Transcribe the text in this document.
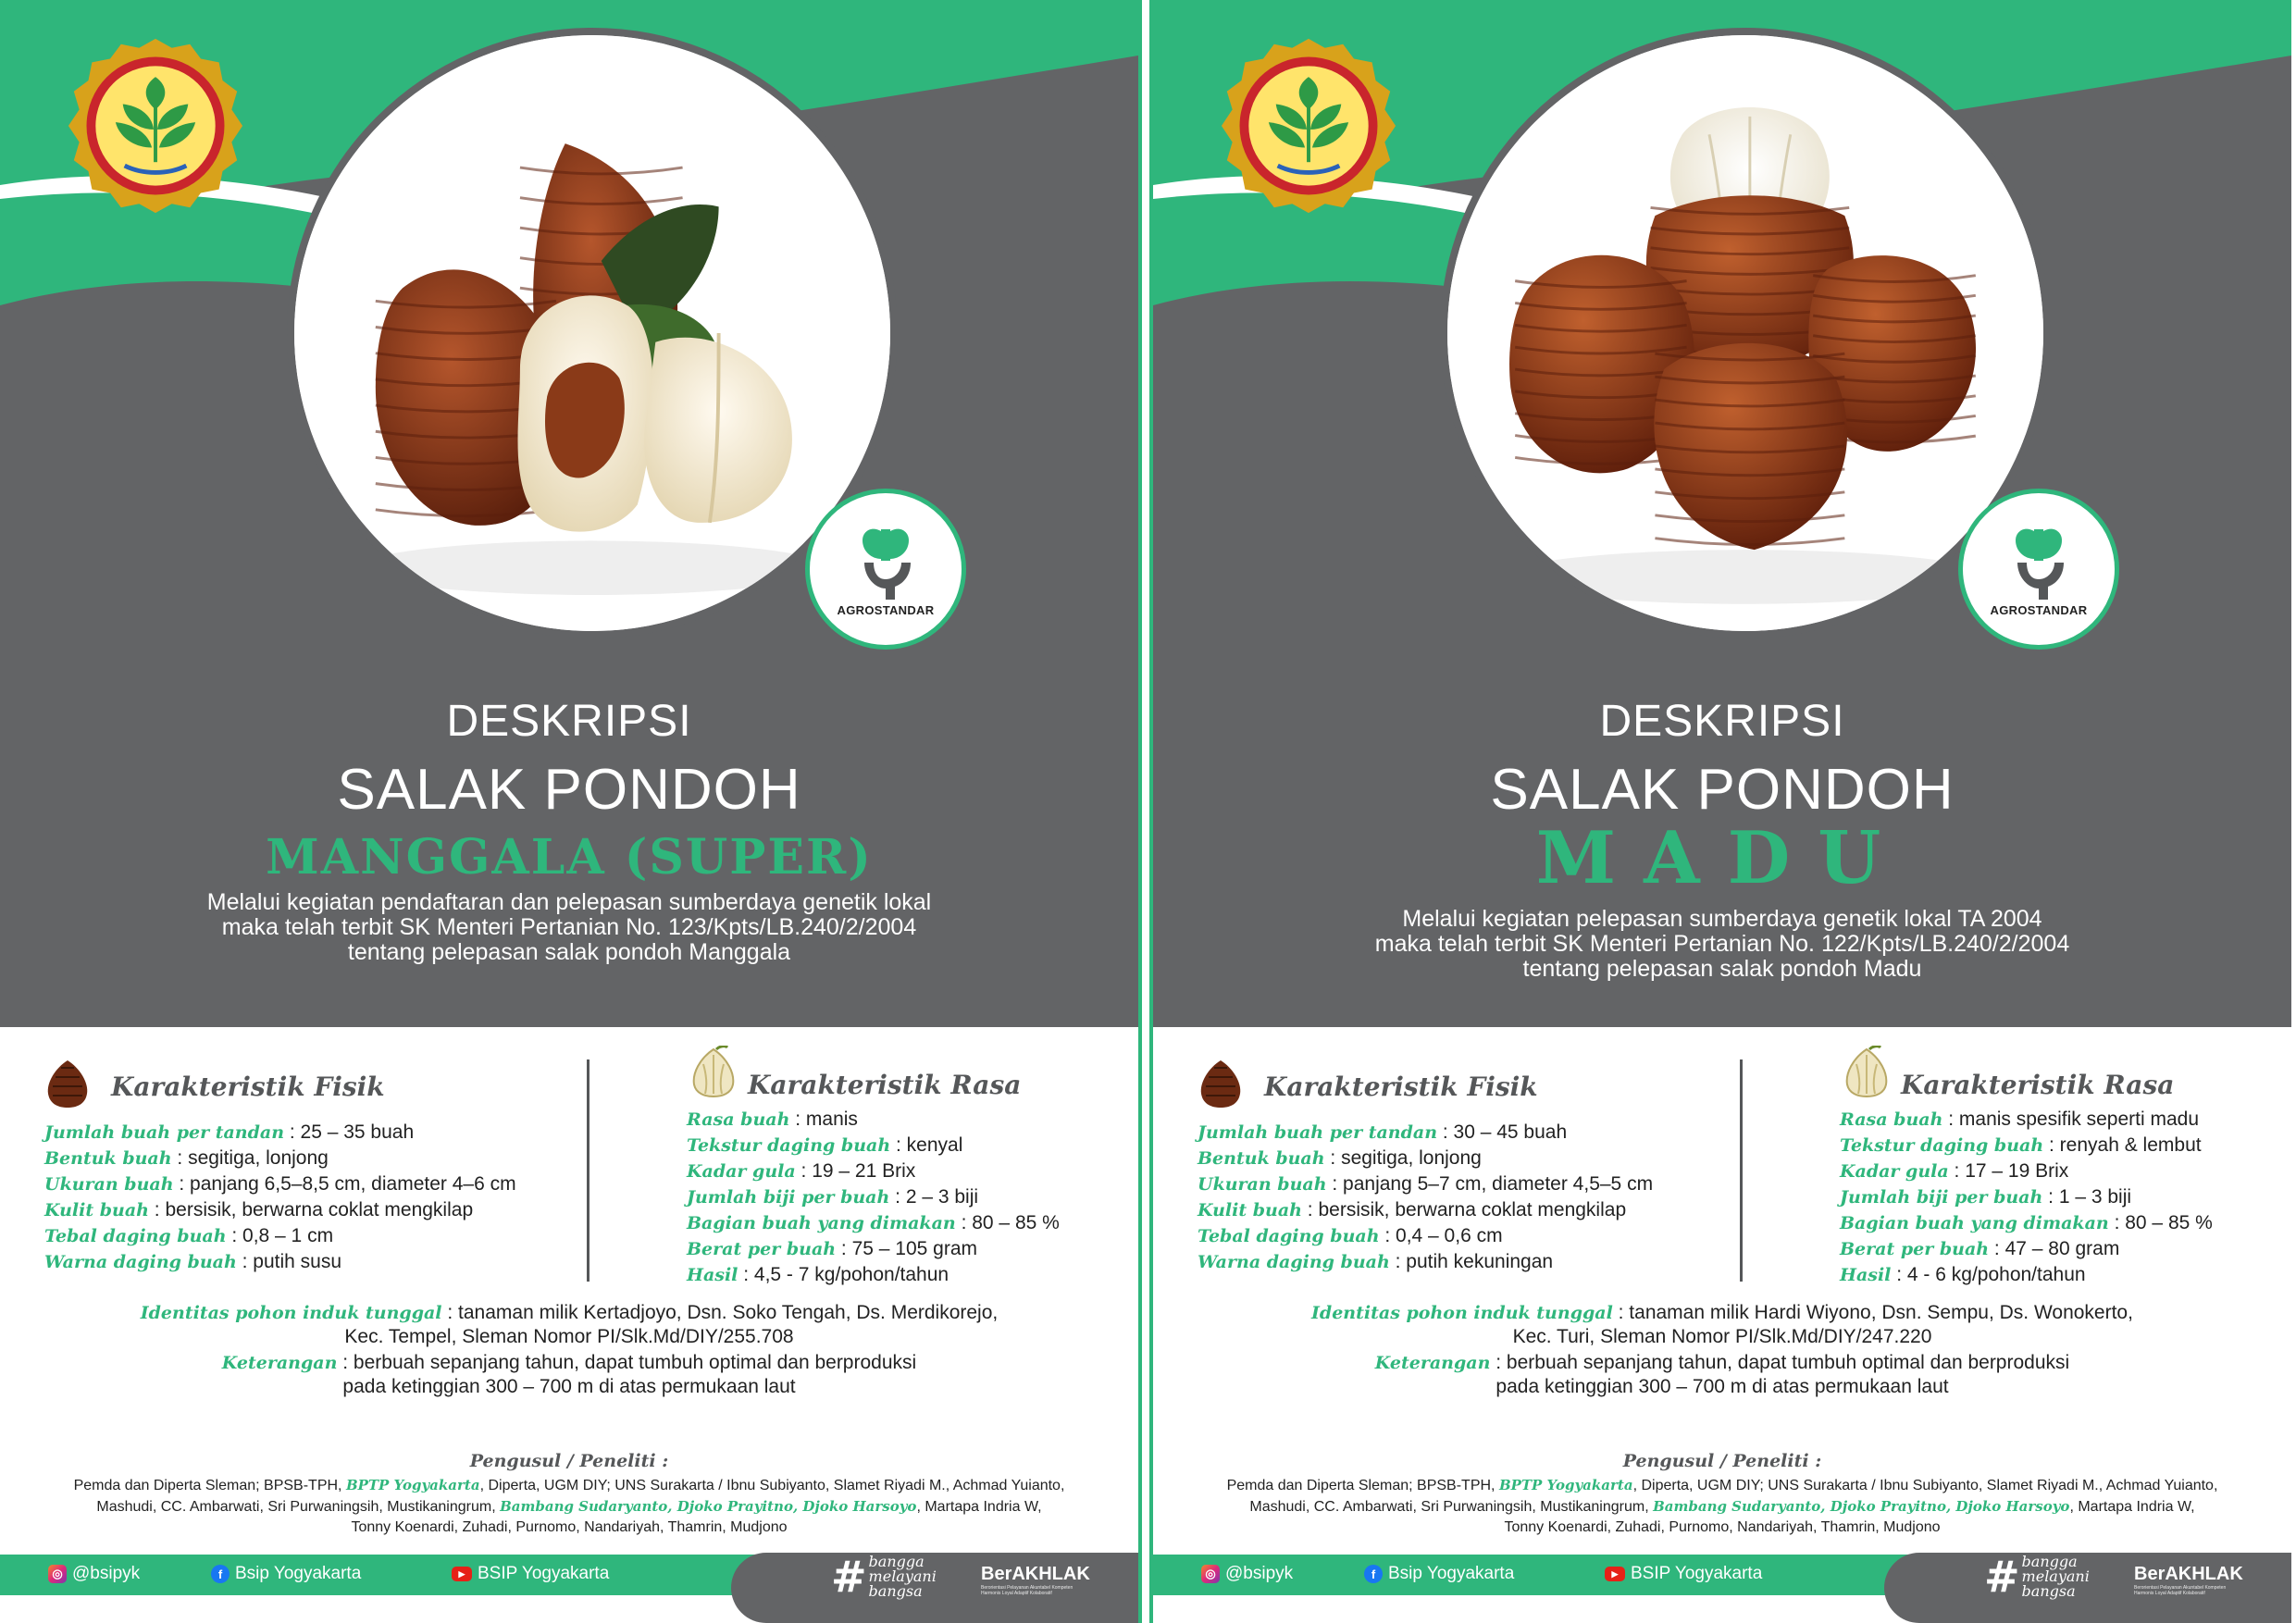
AGROSTANDAR
DESKRIPSI
SALAK PONDOH
MANGGALA (SUPER)
Melalui kegiatan pendaftaran dan pelepasan sumberdaya genetik lokal
maka telah terbit SK Menteri Pertanian No. 123/Kpts/LB.240/2/2004
tentang pelepasan salak pondoh Manggala
Karakteristik Fisik	Karakteristik Rasa
Jumlah buah per tandan : 25 – 35 buah
Bentuk buah : segitiga, lonjong
Ukuran buah : panjang 6,5–8,5 cm, diameter 4–6 cm
Kulit buah : bersisik, berwarna coklat mengkilap
Tebal daging buah : 0,8 – 1 cm
Warna daging buah : putih susu
Rasa buah : manis
Tekstur daging buah : kenyal
Kadar gula : 19 – 21 Brix
Jumlah biji per buah : 2 – 3 biji
Bagian buah yang dimakan : 80 – 85 %
Berat per buah : 75 – 105 gram
Hasil : 4,5 - 7 kg/pohon/tahun
Identitas pohon induk tunggal : tanaman milik Kertadjoyo, Dsn. Soko Tengah, Ds. Merdikorejo,
Kec. Tempel, Sleman Nomor PI/Slk.Md/DIY/255.708
Keterangan : berbuah sepanjang tahun, dapat tumbuh optimal dan berproduksi
pada ketinggian 300 – 700 m di atas permukaan laut
Pengusul / Peneliti :
Pemda dan Diperta Sleman; BPSB-TPH, BPTP Yogyakarta, Diperta, UGM DIY; UNS Surakarta / Ibnu Subiyanto, Slamet Riyadi M., Achmad Yuianto,
Mashudi, CC. Ambarwati, Sri Purwaningsih, Mustikaningrum, Bambang Sudaryanto, Djoko Prayitno, Djoko Harsoyo, Martapa Indria W,
Tonny Koenardi, Zuhadi, Purnomo, Nandariyah, Thamrin, Mudjono
◎ @bsipyk	f Bsip Yogyakarta	▶ BSIP Yogyakarta	# bangga
melayani
bangsa
BerAKHLAK
Berorientasi Pelayanan Akuntabel Kompeten Harmonis Loyal Adaptif Kolaboratif
AGROSTANDAR
DESKRIPSI
SALAK PONDOH
MADU
Melalui kegiatan pelepasan sumberdaya genetik lokal TA 2004
maka telah terbit SK Menteri Pertanian No. 122/Kpts/LB.240/2/2004
tentang pelepasan salak pondoh Madu
Karakteristik Fisik	Karakteristik Rasa
Jumlah buah per tandan : 30 – 45 buah
Bentuk buah : segitiga, lonjong
Ukuran buah : panjang 5–7 cm, diameter 4,5–5 cm
Kulit buah : bersisik, berwarna coklat mengkilap
Tebal daging buah : 0,4 – 0,6 cm
Warna daging buah : putih kekuningan
Rasa buah : manis spesifik seperti madu
Tekstur daging buah : renyah & lembut
Kadar gula : 17 – 19 Brix
Jumlah biji per buah : 1 – 3 biji
Bagian buah yang dimakan : 80 – 85 %
Berat per buah : 47 – 80 gram
Hasil : 4 - 6 kg/pohon/tahun
Identitas pohon induk tunggal : tanaman milik Hardi Wiyono, Dsn. Sempu, Ds. Wonokerto,
Kec. Turi, Sleman Nomor PI/Slk.Md/DIY/247.220
Keterangan : berbuah sepanjang tahun, dapat tumbuh optimal dan berproduksi
pada ketinggian 300 – 700 m di atas permukaan laut
Pengusul / Peneliti :
Pemda dan Diperta Sleman; BPSB-TPH, BPTP Yogyakarta, Diperta, UGM DIY; UNS Surakarta / Ibnu Subiyanto, Slamet Riyadi M., Achmad Yuianto,
Mashudi, CC. Ambarwati, Sri Purwaningsih, Mustikaningrum, Bambang Sudaryanto, Djoko Prayitno, Djoko Harsoyo, Martapa Indria W,
Tonny Koenardi, Zuhadi, Purnomo, Nandariyah, Thamrin, Mudjono
◎ @bsipyk	f Bsip Yogyakarta	▶ BSIP Yogyakarta	# bangga
melayani
bangsa
BerAKHLAK
Berorientasi Pelayanan Akuntabel Kompeten Harmonis Loyal Adaptif Kolaboratif
